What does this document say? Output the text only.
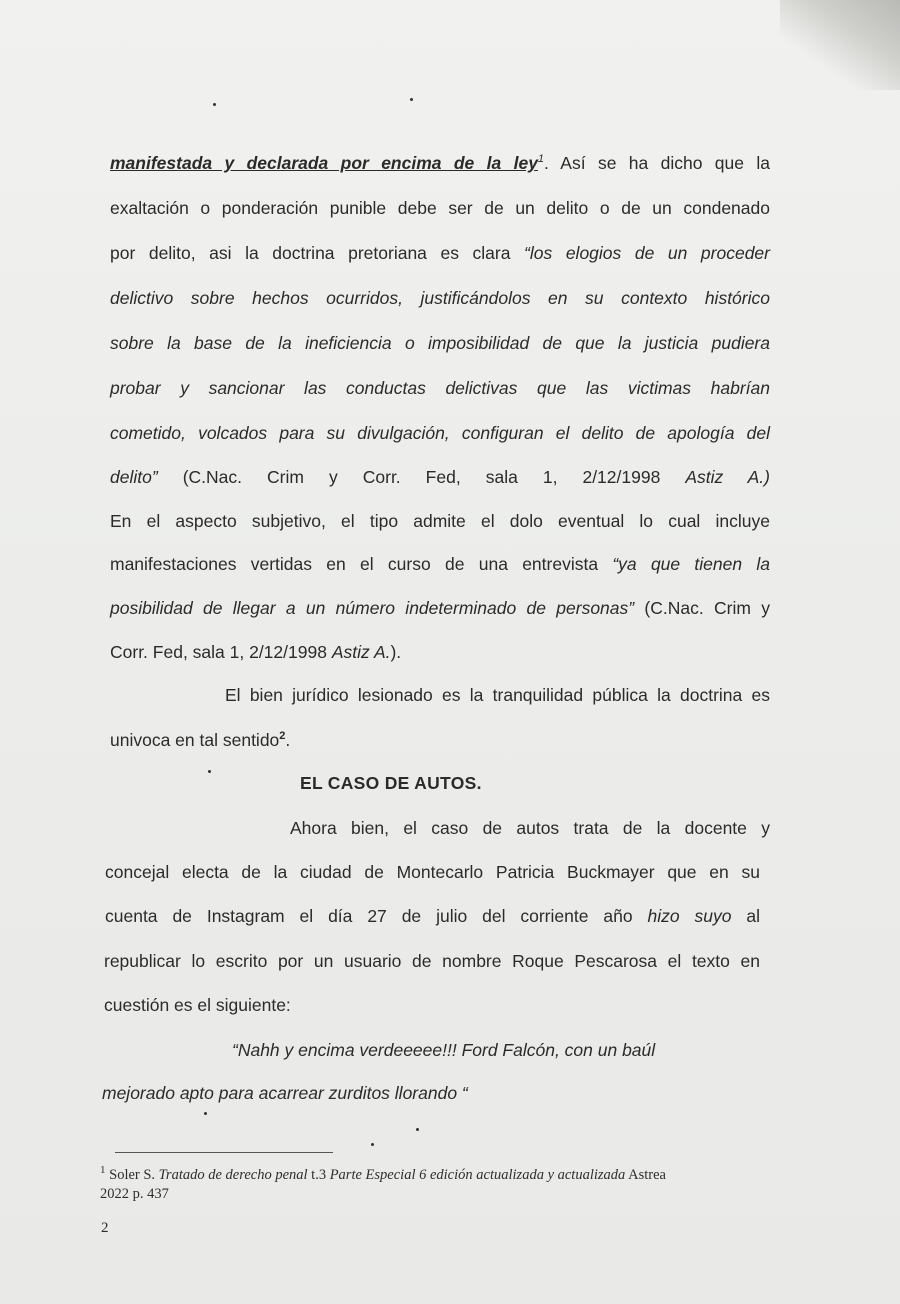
manifestada y declarada por encima de la ley$^1$. Así se ha dicho que la
exaltación o ponderación punible debe ser de un delito o de un condenado
por delito, asi la doctrina pretoriana es clara “los elogios de un proceder
delictivo sobre hechos ocurridos, justificándolos en su contexto histórico
sobre la base de la ineficiencia o imposibilidad de que la justicia pudiera
probar y sancionar las conductas delictivas que las victimas habrían
cometido, volcados para su divulgación, configuran el delito de apología del
delito” (C.Nac. Crim y Corr. Fed, sala 1, 2/12/1998 Astiz A.)
En el aspecto subjetivo, el tipo admite el dolo eventual lo cual incluye
manifestaciones vertidas en el curso de una entrevista “ya que tienen la
posibilidad de llegar a un número indeterminado de personas” (C.Nac. Crim y
Corr. Fed, sala 1, 2/12/1998 Astiz A.).
El bien jurídico lesionado es la tranquilidad pública la doctrina es
univoca en tal sentido$^2$.
EL CASO DE AUTOS.
Ahora bien, el caso de autos trata de la docente y
concejal electa de la ciudad de Montecarlo Patricia Buckmayer que en su
cuenta de Instagram el día 27 de julio del corriente año hizo suyo al
republicar lo escrito por un usuario de nombre Roque Pescarosa el texto en
cuestión es el siguiente:
“Nahh y encima verdeeeee!!! Ford Falcón, con un baúl
mejorado apto para acarrear zurditos llorando “
$^1$ Soler S. Tratado de derecho penal t.3 Parte Especial 6 edición actualizada y actualizada Astrea
2022 p. 437
2
